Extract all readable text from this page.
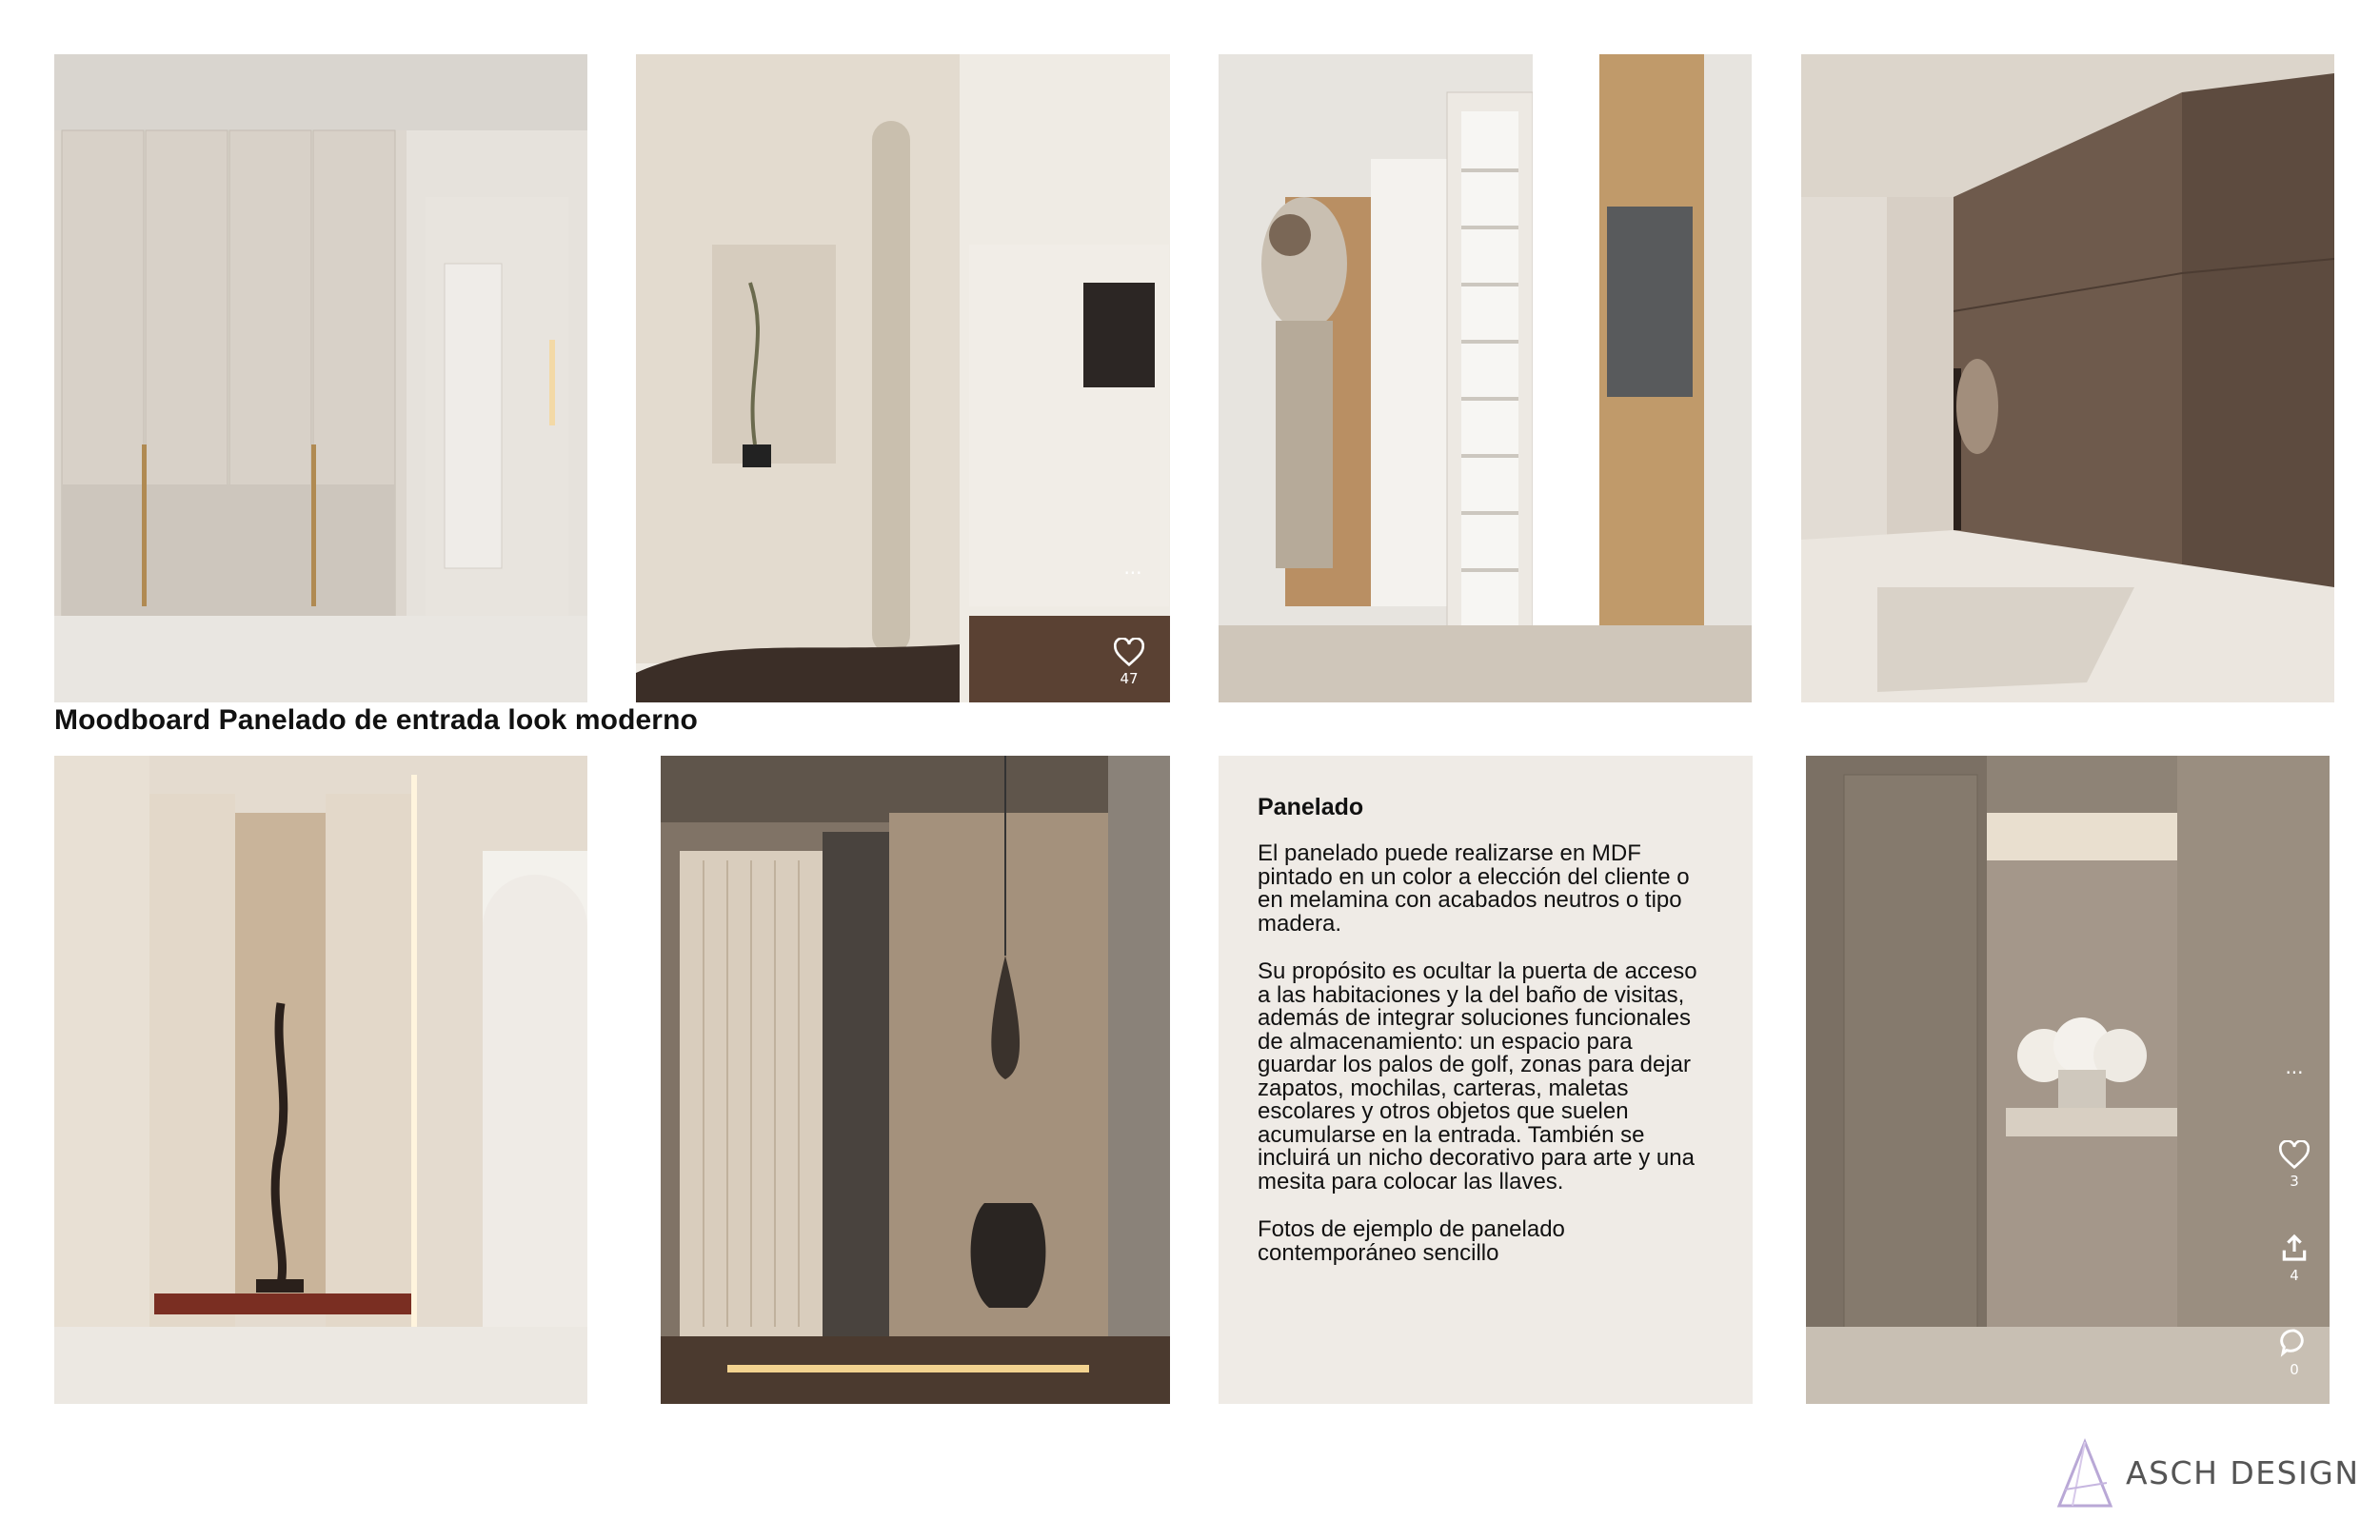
Moodboard Panelado de entrada look moderno
···
47
Panelado

El panelado puede realizarse en MDF pintado en un color a elección del cliente o en melamina con acabados neutros o tipo madera.

Su propósito es ocultar la puerta de acceso a las habitaciones y la del baño de visitas, además de integrar soluciones funcionales de almacenamiento: un espacio para guardar los palos de golf, zonas para dejar zapatos, mochilas, carteras, maletas escolares y otros objetos que suelen acumularse en la entrada. También se incluirá un nicho decorativo para arte y una mesita para colocar las llaves.

Fotos de ejemplo de panelado contemporáneo sencillo

···
3
4
0
ASCH DESIGN
